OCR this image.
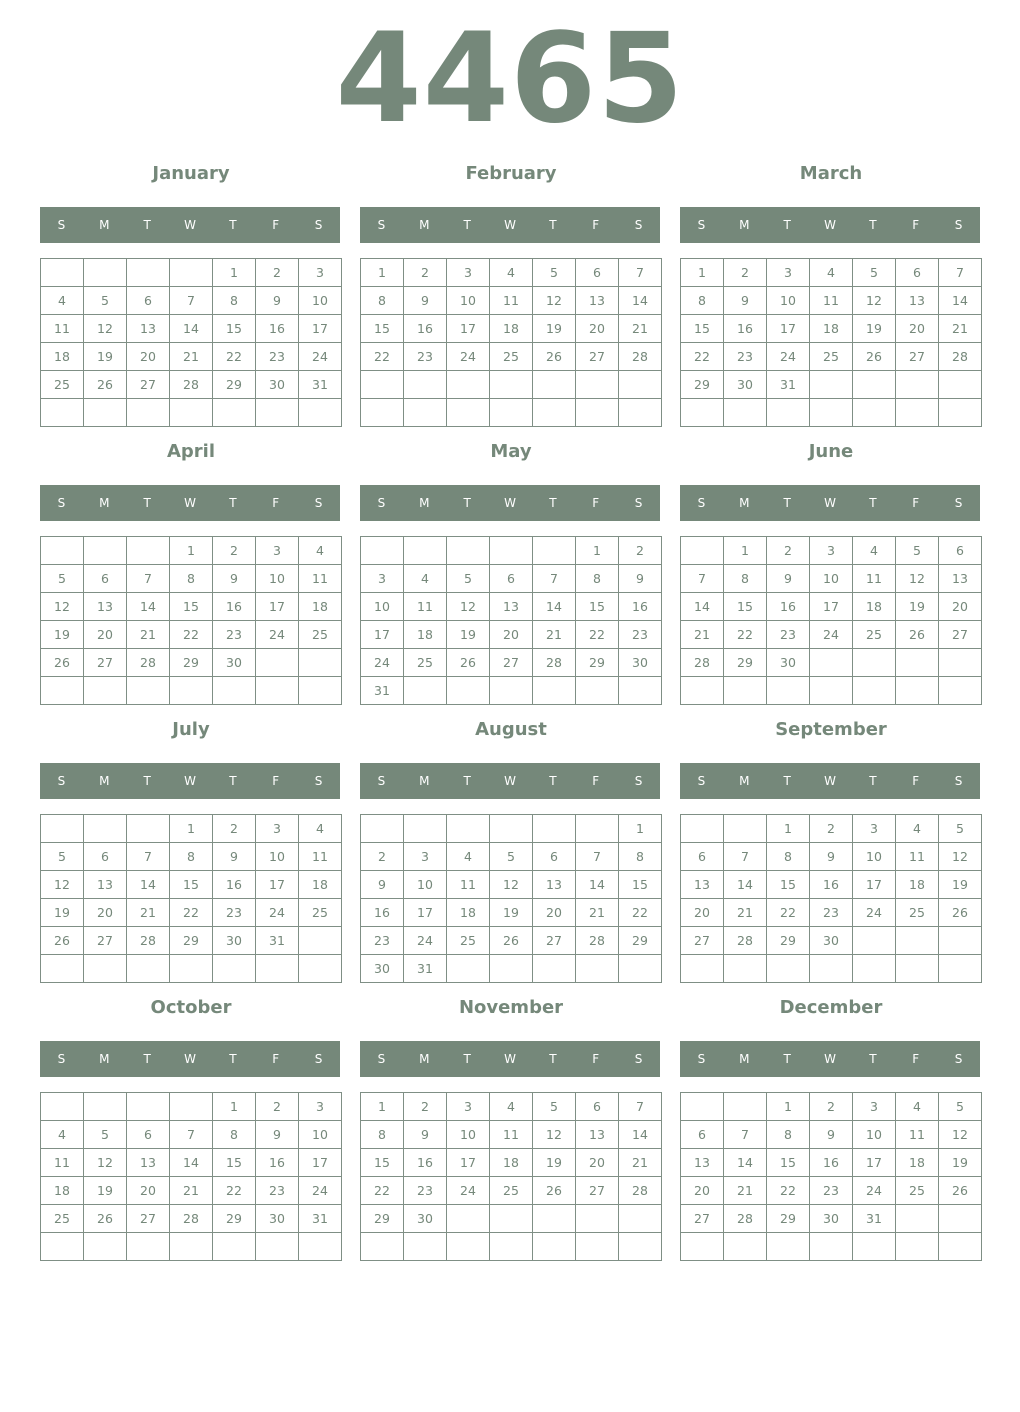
4465
January
S	M	T	W	T	F	S
				1	2	3
4	5	6	7	8	9	10
11	12	13	14	15	16	17
18	19	20	21	22	23	24
25	26	27	28	29	30	31

February
S	M	T	W	T	F	S
1	2	3	4	5	6	7
8	9	10	11	12	13	14
15	16	17	18	19	20	21
22	23	24	25	26	27	28

March
S	M	T	W	T	F	S
1	2	3	4	5	6	7
8	9	10	11	12	13	14
15	16	17	18	19	20	21
22	23	24	25	26	27	28
29	30	31				

April
S	M	T	W	T	F	S
			1	2	3	4
5	6	7	8	9	10	11
12	13	14	15	16	17	18
19	20	21	22	23	24	25
26	27	28	29	30		

May
S	M	T	W	T	F	S
					1	2
3	4	5	6	7	8	9
10	11	12	13	14	15	16
17	18	19	20	21	22	23
24	25	26	27	28	29	30
31						
June
S	M	T	W	T	F	S
	1	2	3	4	5	6
7	8	9	10	11	12	13
14	15	16	17	18	19	20
21	22	23	24	25	26	27
28	29	30				

July
S	M	T	W	T	F	S
			1	2	3	4
5	6	7	8	9	10	11
12	13	14	15	16	17	18
19	20	21	22	23	24	25
26	27	28	29	30	31	

August
S	M	T	W	T	F	S
						1
2	3	4	5	6	7	8
9	10	11	12	13	14	15
16	17	18	19	20	21	22
23	24	25	26	27	28	29
30	31					
September
S	M	T	W	T	F	S
		1	2	3	4	5
6	7	8	9	10	11	12
13	14	15	16	17	18	19
20	21	22	23	24	25	26
27	28	29	30			

October
S	M	T	W	T	F	S
				1	2	3
4	5	6	7	8	9	10
11	12	13	14	15	16	17
18	19	20	21	22	23	24
25	26	27	28	29	30	31

November
S	M	T	W	T	F	S
1	2	3	4	5	6	7
8	9	10	11	12	13	14
15	16	17	18	19	20	21
22	23	24	25	26	27	28
29	30					

December
S	M	T	W	T	F	S
		1	2	3	4	5
6	7	8	9	10	11	12
13	14	15	16	17	18	19
20	21	22	23	24	25	26
27	28	29	30	31		
